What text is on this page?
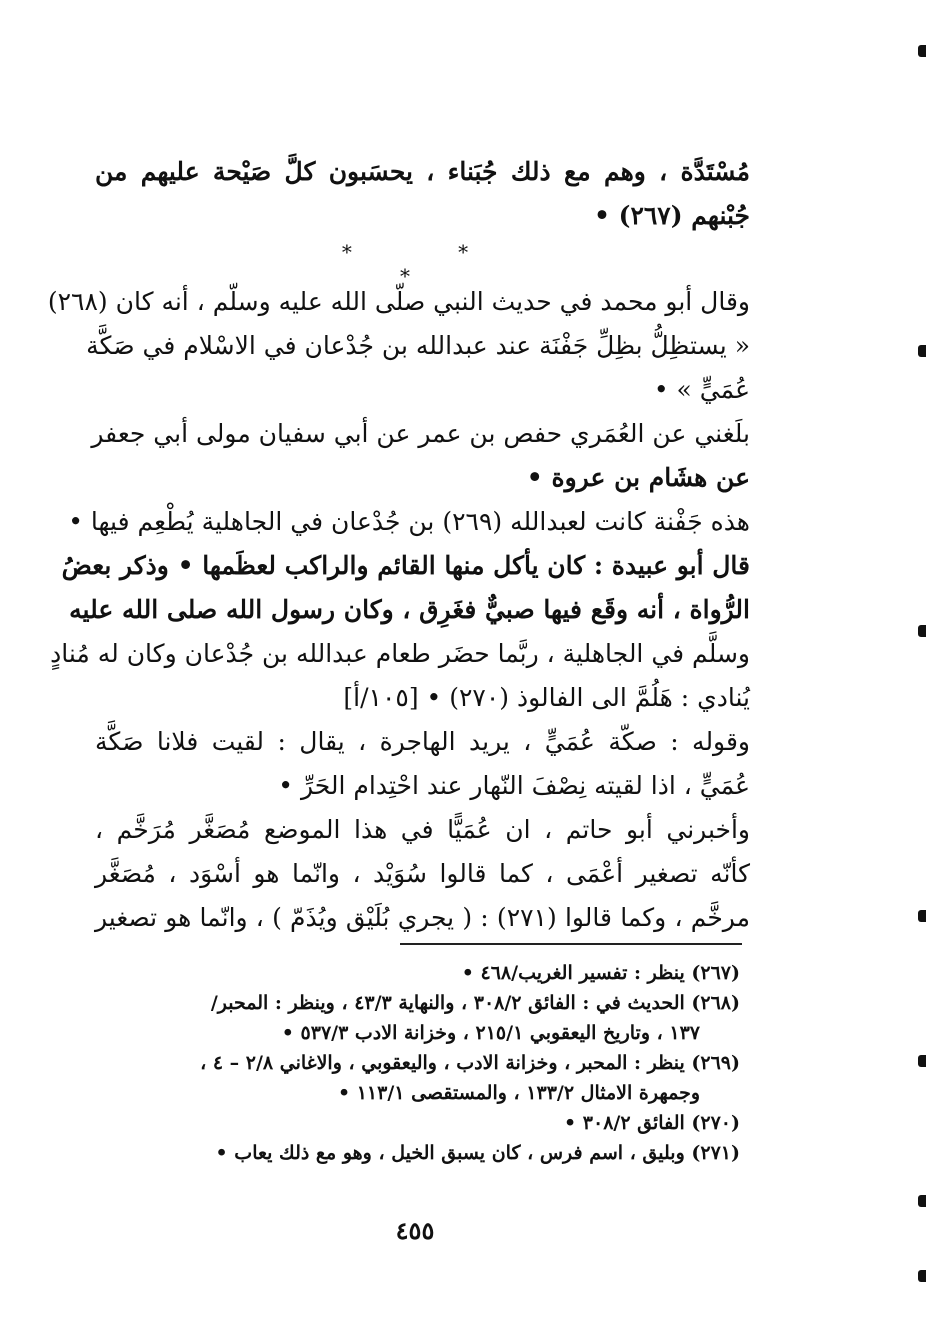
مُسْتَدَّة ، وهم مع ذلك جُبَناء ، يحسَبون كلَّ صَيْحة عليهم من
جُبْنهم (٢٦٧) •
* * *
وقال أبو محمد في حديث النبي صلّى الله عليه وسلّم ، أنه كان (٢٦٨)
« يستظِلُّ بظِلِّ جَفْنَة عند عبدالله بن جُدْعان في الاسْلام في صَكَّة
عُمَيٍّ » •
بلَغني عن العُمَري حفص بن عمر عن أبي سفيان مولى أبي جعفر
عن هشَام بن عروة •
هذه جَفْنة كانت لعبدالله (٢٦٩) بن جُدْعان في الجاهلية يُطْعِم فيها •
قال أبو عبيدة : كان يأكل منها القائم والراكب لعظَمها • وذكر بعضُ
الرُّواة ، أنه وقَع فيها صبيٌّ فغَرِق ، وكان رسول الله صلى الله عليه
وسلَّم في الجاهلية ، ربَّما حضَر طعام عبدالله بن جُدْعان وكان له مُنادٍ
يُنادي : هَلُمَّ الى الفالوذ (٢٧٠) • [١٠٥/أ]
وقوله : صكّة عُمَيٍّ ، يريد الهاجرة ، يقال : لقيت فلانا صَكَّة
عُمَيٍّ ، اذا لقيته نِصْفَ النّهار عند احْتِدام الحَرِّ •
وأخبرني أبو حاتم ، ان عُمَيًّا في هذا الموضع مُصَغَّر مُرَخَّم ،
كأنّه تصغير أعْمَى ، كما قالوا سُوَيْد ، وانّما هو أسْوَد ، مُصَغَّر
مرخَّم ، وكما قالوا (٢٧١) : ( يجري بُلَيْق ويُذَمّ ) ، وانّما هو تصغير
(٢٦٧) ينظر : تفسير الغريب/٤٦٨ •
(٢٦٨) الحديث في : الفائق ٣٠٨/٢ ، والنهاية ٤٣/٣ ، وينظر : المحبر/
١٣٧ ، وتاريخ اليعقوبي ٢١٥/١ ، وخزانة الادب ٥٣٧/٣ •
(٢٦٩) ينظر : المحبر ، وخزانة الادب ، واليعقوبي ، والاغاني ٢/٨ – ٤ ،
وجمهرة الامثال ١٣٣/٢ ، والمستقصى ١١٣/١ •
(٢٧٠) الفائق ٣٠٨/٢ •
(٢٧١) وبليق ، اسم فرس ، كان يسبق الخيل ، وهو مع ذلك يعاب •
٤٥٥
